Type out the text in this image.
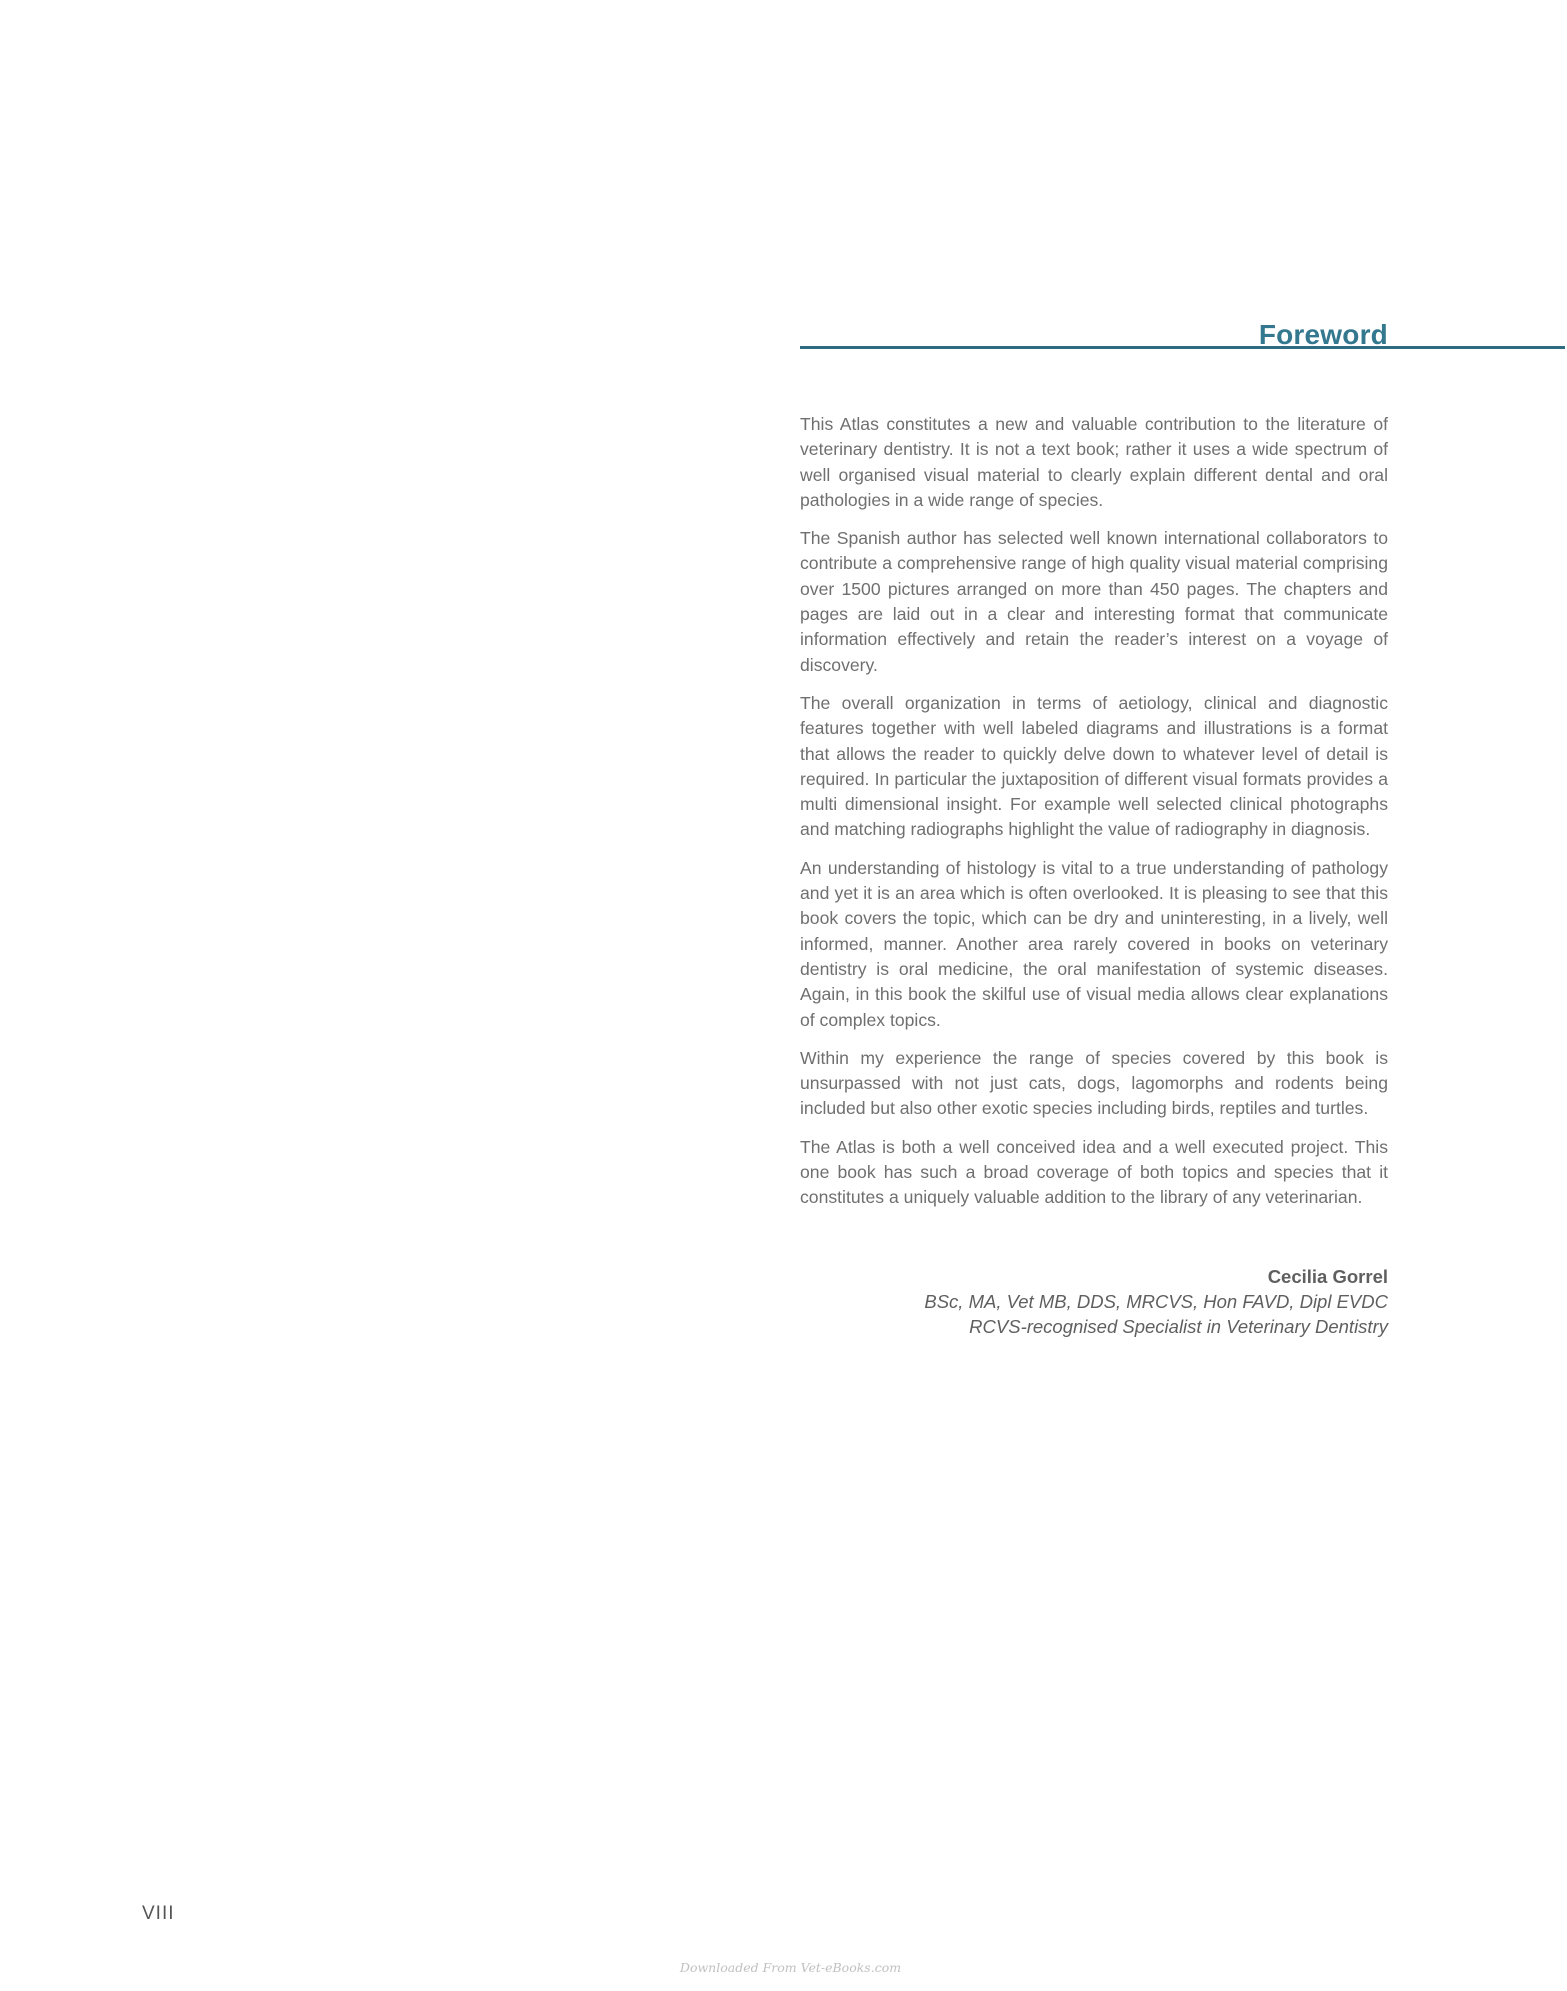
Foreword

This Atlas constitutes a new and valuable contribution to the literature of veterinary dentistry. It is not a text book; rather it uses a wide spectrum of well organised visual material to clearly explain different dental and oral pathologies in a wide range of species.

The Spanish author has selected well known international collaborators to contribute a comprehensive range of high quality visual material comprising over 1500 pictures arranged on more than 450 pages. The chapters and pages are laid out in a clear and interesting format that communicate information effectively and retain the reader’s interest on a voyage of discovery.

The overall organization in terms of aetiology, clinical and diagnostic features together with well labeled diagrams and illustrations is a format that allows the reader to quickly delve down to whatever level of detail is required. In particular the juxtaposition of different visual formats provides a multi dimensional insight. For example well selected clinical photographs and matching radiographs highlight the value of radiography in diagnosis.

An understanding of histology is vital to a true understanding of pathology and yet it is an area which is often overlooked. It is pleasing to see that this book covers the topic, which can be dry and uninteresting, in a lively, well informed, manner. Another area rarely covered in books on veterinary dentistry is oral medicine, the oral manifestation of systemic diseases. Again, in this book the skilful use of visual media allows clear explanations of complex topics.

Within my experience the range of species covered by this book is unsurpassed with not just cats, dogs, lagomorphs and rodents being included but also other exotic species including birds, reptiles and turtles.

The Atlas is both a well conceived idea and a well executed project. This one book has such a broad coverage of both topics and species that it constitutes a uniquely valuable addition to the library of any veterinarian.

Cecilia Gorrel
BSc, MA, Vet MB, DDS, MRCVS, Hon FAVD, Dipl EVDC
RCVS-recognised Specialist in Veterinary Dentistry
VIII
Downloaded From Vet-eBooks.com
